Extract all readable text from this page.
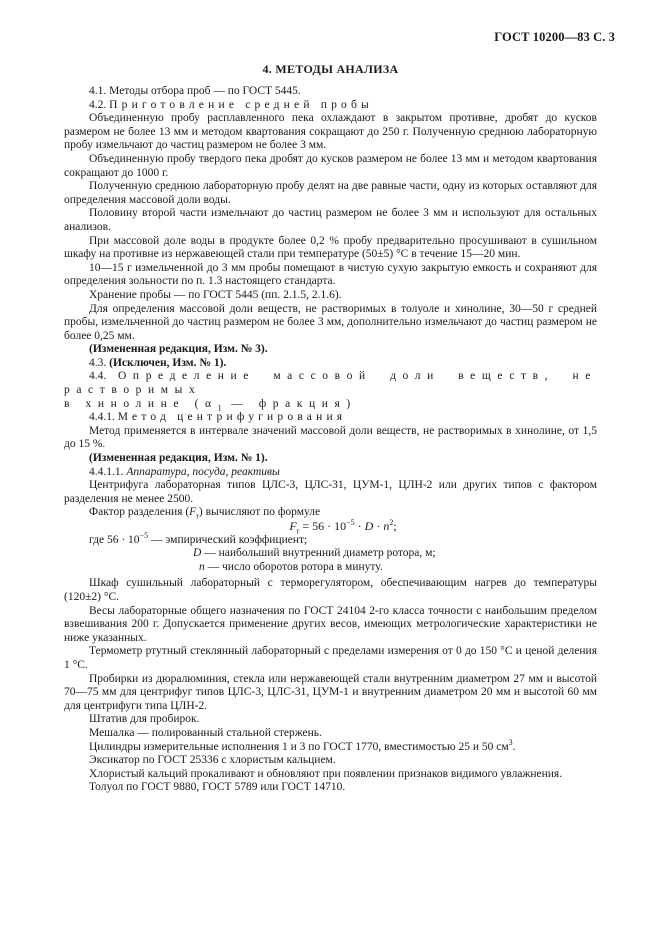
ГОСТ 10200—83 С. 3
4. МЕТОДЫ АНАЛИЗА

4.1. Методы отбора проб — по ГОСТ 5445.

4.2. Приготовление средней пробы

Объединенную пробу расплавленного пека охлаждают в закрытом противне, дробят до кусков размером не более 13 мм и методом квартования сокращают до 250 г. Полученную среднюю лабораторную пробу измельчают до частиц размером не более 3 мм.

Объединенную пробу твердого пека дробят до кусков размером не более 13 мм и методом квартования сокращают до 1000 г.

Полученную среднюю лабораторную пробу делят на две равные части, одну из которых оставляют для определения массовой доли воды.

Половину второй части измельчают до частиц размером не более 3 мм и используют для остальных анализов.

При массовой доле воды в продукте более 0,2 % пробу предварительно просушивают в сушильном шкафу на противне из нержавеющей стали при температуре (50±5) °С в течение 15—20 мин.

10—15 г измельченной до 3 мм пробы помещают в чистую сухую закрытую емкость и сохраняют для определения зольности по п. 1.3 настоящего стандарта.

Хранение пробы — по ГОСТ 5445 (пп. 2.1.5, 2.1.6).

Для определения массовой доли веществ, не растворимых в толуоле и хинолине, 30—50 г средней пробы, измельченной до частиц размером не более 3 мм, дополнительно измельчают до частиц размером не более 0,25 мм.

(Измененная редакция, Изм. № 3).

4.3. (Исключен, Изм. № 1).

4.4. Определение массовой доли веществ, не растворимых

в хинолине ($\alpha_1$ — фракция)

4.4.1. Метод центрифугирования

Метод применяется в интервале значений массовой доли веществ, не растворимых в хинолине, от 1,5 до 15 %.

(Измененная редакция, Изм. № 1).

4.4.1.1. Аппаратура, посуда, реактивы

Центрифуга лабораторная типов ЦЛС-3, ЦЛС-31, ЦУМ-1, ЦЛН-2 или других типов с фактором разделения не менее 2500.

Фактор разделения $(F_r)$ вычисляют по формуле

$F_r = 56 \cdot 10^{-5} \cdot D \cdot n^2$;

где $56 \cdot 10^{-5}$ — эмпирический коэффициент;

D — наибольший внутренний диаметр ротора, м;

n — число оборотов ротора в минуту.

Шкаф сушильный лабораторный с терморегулятором, обеспечивающим нагрев до температуры (120±2) °С.

Весы лабораторные общего назначения по ГОСТ 24104 2-го класса точности с наибольшим пределом взвешивания 200 г. Допускается применение других весов, имеющих метрологические характеристики не ниже указанных.

Термометр ртутный стеклянный лабораторный с пределами измерения от 0 до 150 °С и ценой деления 1 °С.

Пробирки из дюралюминия, стекла или нержавеющей стали внутренним диаметром 27 мм и высотой 70—75 мм для центрифуг типов ЦЛС-3, ЦЛС-31, ЦУМ-1 и внутренним диаметром 20 мм и высотой 60 мм для центрифуги типа ЦЛН-2.

Штатив для пробирок.

Мешалка — полированный стальной стержень.

Цилиндры измерительные исполнения 1 и 3 по ГОСТ 1770, вместимостью 25 и 50 $см^3$.

Эксикатор по ГОСТ 25336 с хлористым кальцием.

Хлористый кальций прокаливают и обновляют при появлении признаков видимого увлажнения.

Толуол по ГОСТ 9880, ГОСТ 5789 или ГОСТ 14710.
